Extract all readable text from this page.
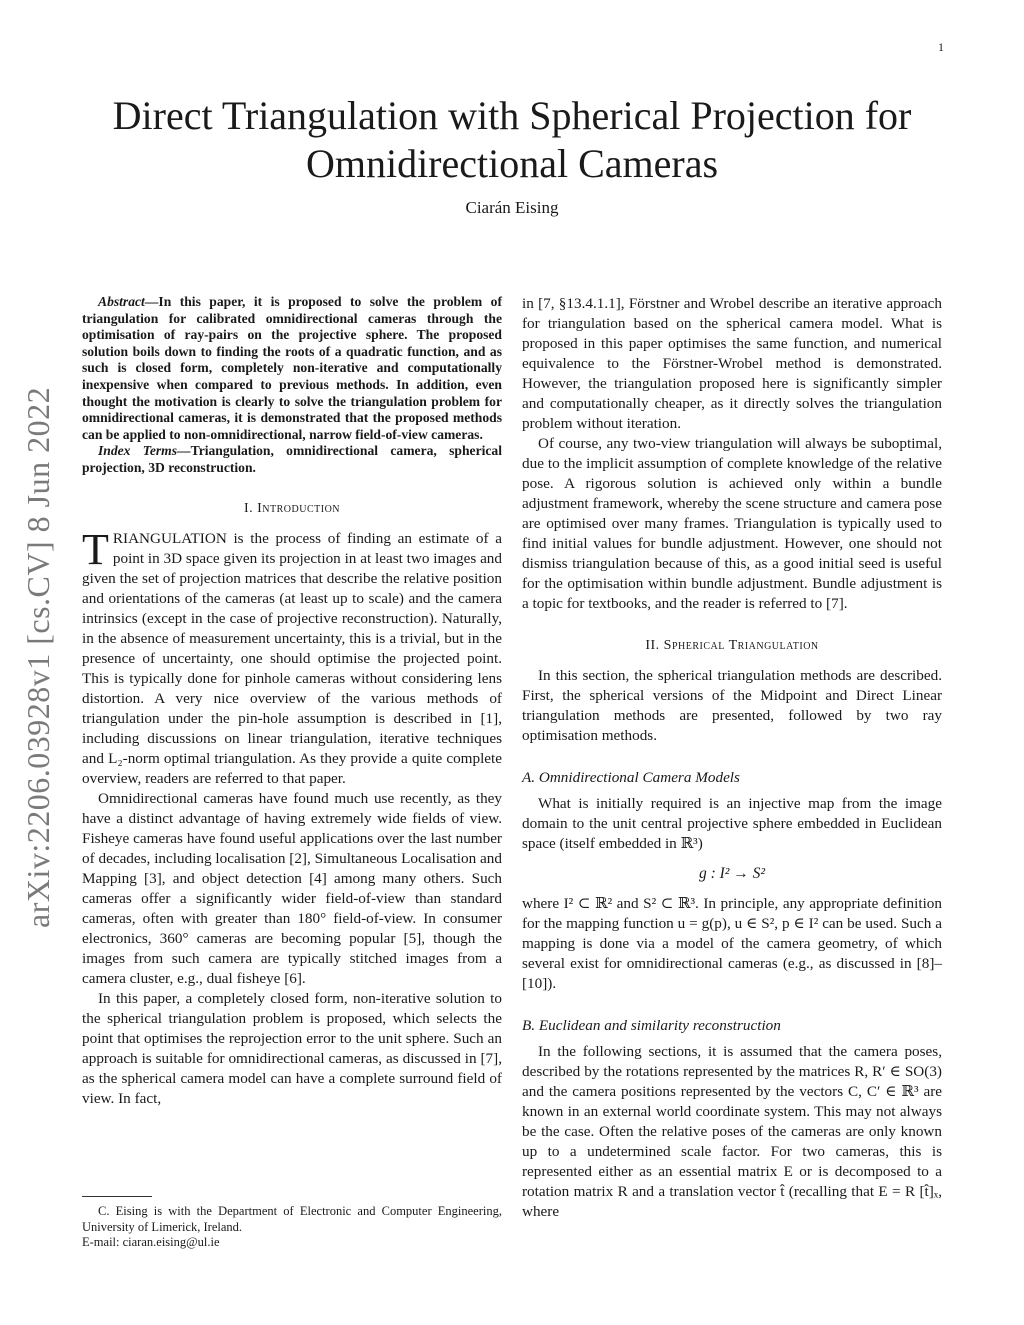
1
arXiv:2206.03928v1 [cs.CV] 8 Jun 2022
Direct Triangulation with Spherical Projection for Omnidirectional Cameras
Ciarán Eising

Abstract—In this paper, it is proposed to solve the problem of triangulation for calibrated omnidirectional cameras through the optimisation of ray-pairs on the projective sphere. The proposed solution boils down to finding the roots of a quadratic function, and as such is closed form, completely non-iterative and computationally inexpensive when compared to previous methods. In addition, even thought the motivation is clearly to solve the triangulation problem for omnidirectional cameras, it is demonstrated that the proposed methods can be applied to non-omnidirectional, narrow field-of-view cameras.

Index Terms—Triangulation, omnidirectional camera, spherical projection, 3D reconstruction.

I. Introduction

TRIANGULATION is the process of finding an estimate of a point in 3D space given its projection in at least two images and given the set of projection matrices that describe the relative position and orientations of the cameras (at least up to scale) and the camera intrinsics (except in the case of projective reconstruction). Naturally, in the absence of measurement uncertainty, this is a trivial, but in the presence of uncertainty, one should optimise the projected point. This is typically done for pinhole cameras without considering lens distortion. A very nice overview of the various methods of triangulation under the pin-hole assumption is described in [1], including discussions on linear triangulation, iterative techniques and L₂-norm optimal triangulation. As they provide a quite complete overview, readers are referred to that paper.

Omnidirectional cameras have found much use recently, as they have a distinct advantage of having extremely wide fields of view. Fisheye cameras have found useful applications over the last number of decades, including localisation [2], Simultaneous Localisation and Mapping [3], and object detection [4] among many others. Such cameras offer a significantly wider field-of-view than standard cameras, often with greater than 180° field-of-view. In consumer electronics, 360° cameras are becoming popular [5], though the images from such camera are typically stitched images from a camera cluster, e.g., dual fisheye [6].

In this paper, a completely closed form, non-iterative solution to the spherical triangulation problem is proposed, which selects the point that optimises the reprojection error to the unit sphere. Such an approach is suitable for omnidirectional cameras, as discussed in [7], as the spherical camera model can have a complete surround field of view. In fact,

C. Eising is with the Department of Electronic and Computer Engineering, University of Limerick, Ireland.
E-mail: ciaran.eising@ul.ie

in [7, §13.4.1.1], Förstner and Wrobel describe an iterative approach for triangulation based on the spherical camera model. What is proposed in this paper optimises the same function, and numerical equivalence to the Förstner-Wrobel method is demonstrated. However, the triangulation proposed here is significantly simpler and computationally cheaper, as it directly solves the triangulation problem without iteration.

Of course, any two-view triangulation will always be suboptimal, due to the implicit assumption of complete knowledge of the relative pose. A rigorous solution is achieved only within a bundle adjustment framework, whereby the scene structure and camera pose are optimised over many frames. Triangulation is typically used to find initial values for bundle adjustment. However, one should not dismiss triangulation because of this, as a good initial seed is useful for the optimisation within bundle adjustment. Bundle adjustment is a topic for textbooks, and the reader is referred to [7].

II. Spherical Triangulation

In this section, the spherical triangulation methods are described. First, the spherical versions of the Midpoint and Direct Linear triangulation methods are presented, followed by two ray optimisation methods.

A. Omnidirectional Camera Models

What is initially required is an injective map from the image domain to the unit central projective sphere embedded in Euclidean space (itself embedded in ℝ³)

g : I² → S²

where I² ⊂ ℝ² and S² ⊂ ℝ³. In principle, any appropriate definition for the mapping function u = g(p), u ∈ S², p ∈ I² can be used. Such a mapping is done via a model of the camera geometry, of which several exist for omnidirectional cameras (e.g., as discussed in [8]–[10]).

B. Euclidean and similarity reconstruction

In the following sections, it is assumed that the camera poses, described by the rotations represented by the matrices R, R′ ∈ SO(3) and the camera positions represented by the vectors C, C′ ∈ ℝ³ are known in an external world coordinate system. This may not always be the case. Often the relative poses of the cameras are only known up to a undetermined scale factor. For two cameras, this is represented either as an essential matrix E or is decomposed to a rotation matrix R and a translation vector t̂ (recalling that E = R [t̂]ₓ, where
